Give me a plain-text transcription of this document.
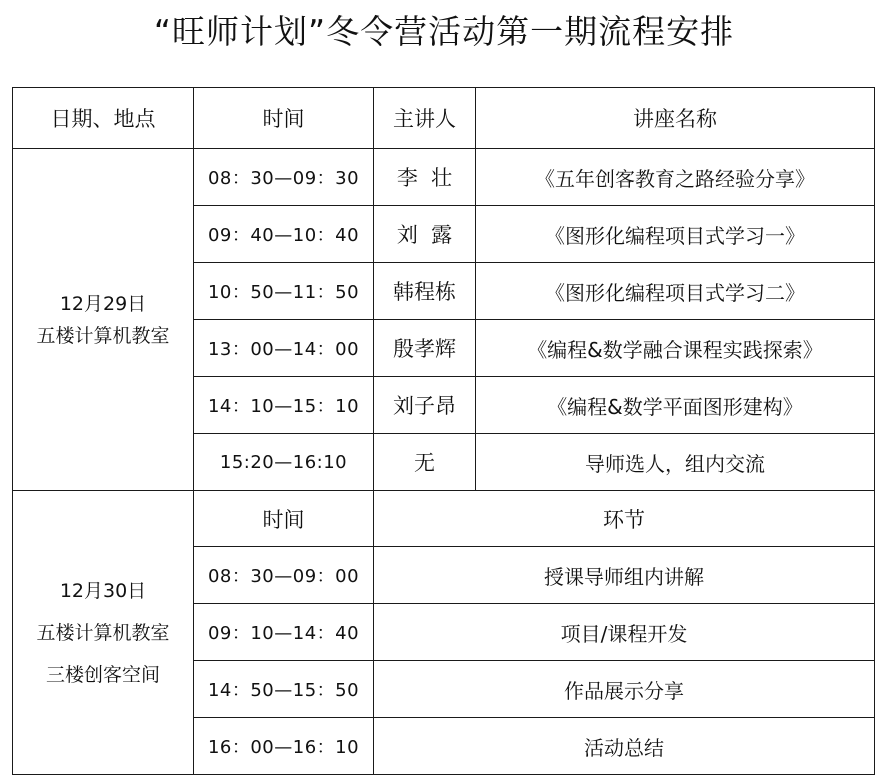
“旺师计划”冬令营活动第一期流程安排
日期、地点	时间	主讲人	讲座名称

12月29日
五楼计算机教室	08：30—09：30	李  壮	《五年创客教育之路经验分享》
	09：40—10：40	刘  露	《图形化编程项目式学习一》
	10：50—11：50	韩程栋	《图形化编程项目式学习二》
	13：00—14：00	殷孝辉	《编程&数学融合课程实践探索》
	14：10—15：10	刘子昂	《编程&数学平面图形建构》
	15:20—16:10	无	导师选人，组内交流

12月30日
五楼计算机教室
三楼创客空间	时间	环节	
	08：30—09：00	授课导师组内讲解	
	09：10—14：40	项目/课程开发	
	14：50—15：50	作品展示分享	
	16：00—16：10	活动总结	
